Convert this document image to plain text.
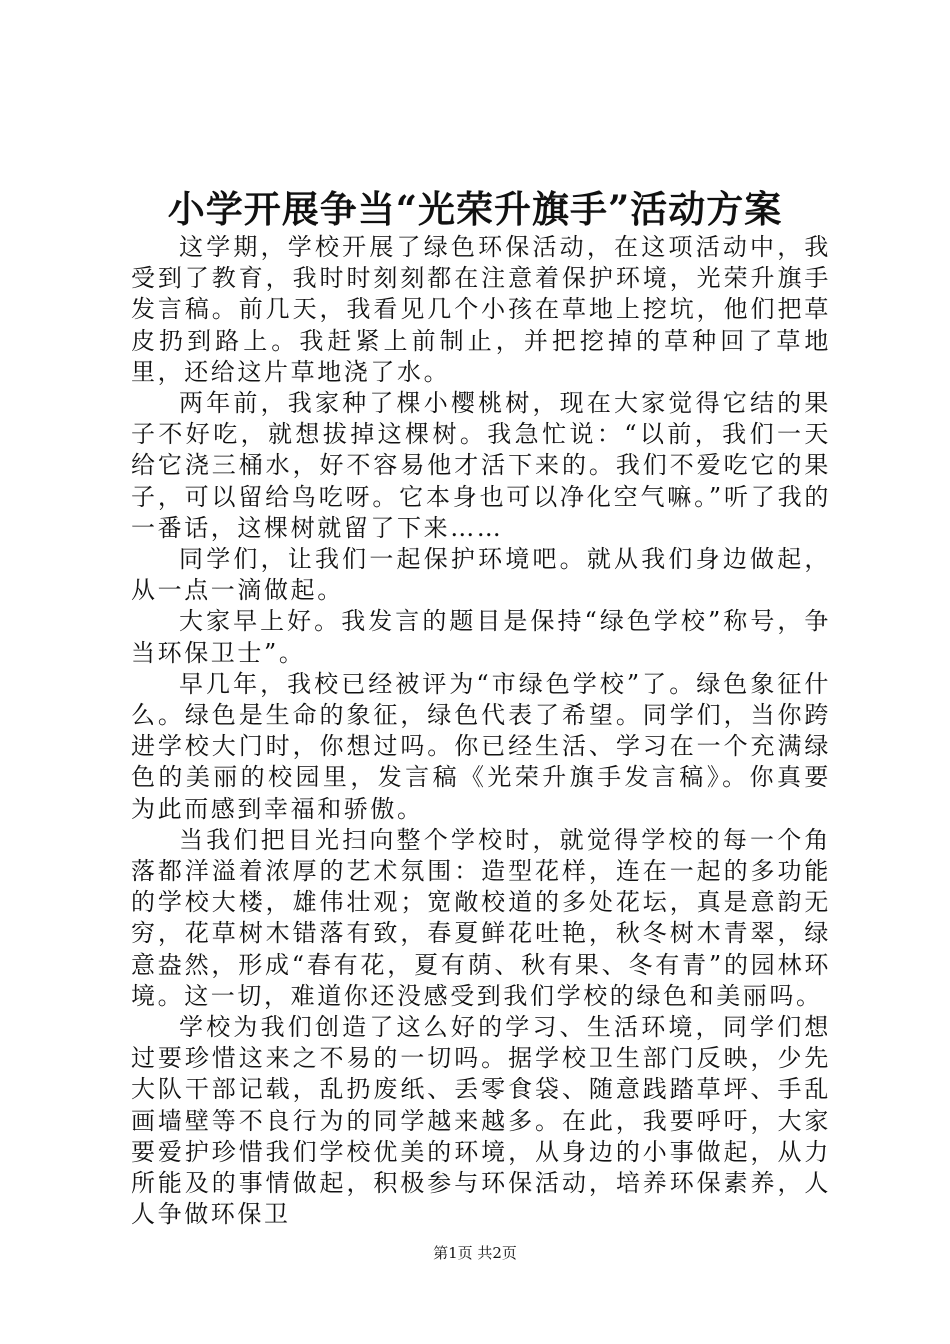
小学开展争当“光荣升旗手”活动方案

这学期，学校开展了绿色环保活动，在这项活动中，我受到了教育，我时时刻刻都在注意着保护环境，光荣升旗手发言稿。前几天，我看见几个小孩在草地上挖坑，他们把草皮扔到路上。我赶紧上前制止，并把挖掉的草种回了草地里，还给这片草地浇了水。

两年前，我家种了棵小樱桃树，现在大家觉得它结的果子不好吃，就想拔掉这棵树。我急忙说：“以前，我们一天给它浇三桶水，好不容易他才活下来的。我们不爱吃它的果子，可以留给鸟吃呀。它本身也可以净化空气嘛。”听了我的一番话，这棵树就留了下来……

同学们，让我们一起保护环境吧。就从我们身边做起，从一点一滴做起。

大家早上好。我发言的题目是保持“绿色学校”称号，争当环保卫士”。

早几年，我校已经被评为“市绿色学校”了。绿色象征什么。绿色是生命的象征，绿色代表了希望。同学们，当你跨进学校大门时，你想过吗。你已经生活、学习在一个充满绿色的美丽的校园里，发言稿《光荣升旗手发言稿》。你真要为此而感到幸福和骄傲。

当我们把目光扫向整个学校时，就觉得学校的每一个角落都洋溢着浓厚的艺术氛围：造型花样，连在一起的多功能的学校大楼，雄伟壮观；宽敞校道的多处花坛，真是意韵无穷，花草树木错落有致，春夏鲜花吐艳，秋冬树木青翠，绿意盎然，形成“春有花，夏有荫、秋有果、冬有青”的园林环境。这一切，难道你还没感受到我们学校的绿色和美丽吗。

学校为我们创造了这么好的学习、生活环境，同学们想过要珍惜这来之不易的一切吗。据学校卫生部门反映，少先大队干部记载，乱扔废纸、丢零食袋、随意践踏草坪、手乱画墙壁等不良行为的同学越来越多。在此，我要呼吁，大家要爱护珍惜我们学校优美的环境，从身边的小事做起，从力所能及的事情做起，积极参与环保活动，培养环保素养，人人争做环保卫

第1页 共2页
